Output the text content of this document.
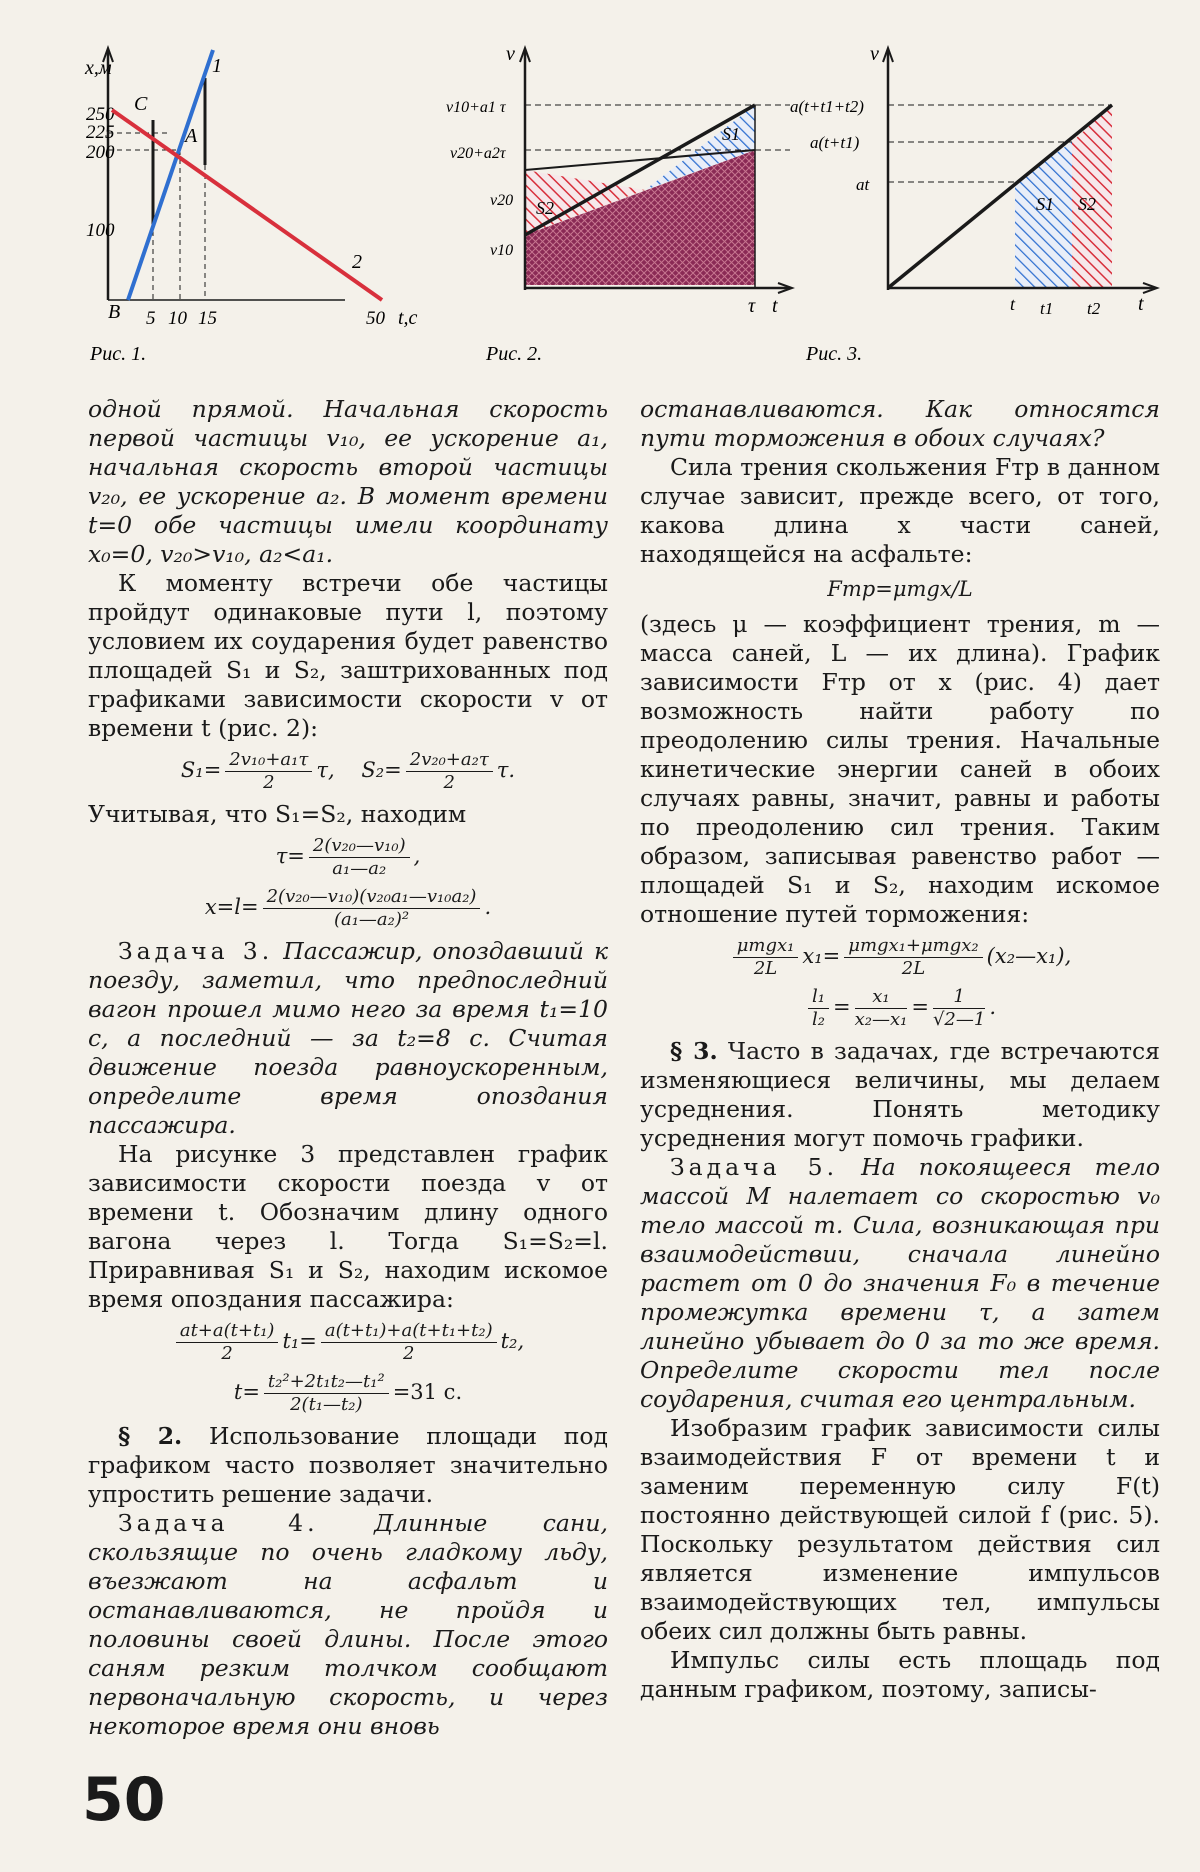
x,м	1
C
A
B
2
250
225
200
100
5 10 15	50 t,c
Рис. 1.
v
v10+a1 τ
v20+a2τ
v20
v10
S1
S2
τ t
Рис. 2.
v
a(t+t1+t2)
a(t+t1)
at
S1 S2
t t1 t2 t
Рис. 3.

одной прямой. Начальная скорость первой частицы v₁₀, ее ускорение a₁, начальная скорость второй частицы v₂₀, ее ускорение a₂. В момент времени t=0 обе частицы имели координату x₀=0, v₂₀>v₁₀, a₂<a₁.

К моменту встречи обе частицы пройдут одинаковые пути l, поэтому условием их соударения будет равенство площадей S₁ и S₂, заштрихованных под графиками зависимости скорости v от времени t (рис. 2):

$S_1= \frac{\text{2v₁₀+a₁τ}}{2} \tau$, $S_2= \frac{\text{2v₂₀+a₂τ}}{2} \tau$.

Учитывая, что S₁=S₂, находим

$\tau= \frac{\text{2(v₂₀—v₁₀)}}{\text{a₁—a₂}}$ ,
$x=l= \frac{\text{2(v₂₀—v₁₀)(v₂₀a₁—v₁₀a₂)}}{\text{(a₁—a₂)²}}$ .

Задача 3. Пассажир, опоздавший к поезду, заметил, что предпоследний вагон прошел мимо него за время t₁=10 с, а последний — за t₂=8 с. Считая движение поезда равноускоренным, определите время опоздания пассажира.

На рисунке 3 представлен график зависимости скорости поезда v от времени t. Обозначим длину одного вагона через l. Тогда S₁=S₂=l. Приравнивая S₁ и S₂, находим искомое время опоздания пассажира:

$\frac{\text{at+a(t+t₁)}}{2} t_1= \frac{\text{a(t+t₁)+a(t+t₁+t₂)}}{2} t_2$,
$t= \frac{\text{t₂²+2t₁t₂—t₁²}}{\text{2(t₁—t₂)}} =31$ с.

§ 2. Использование площади под графиком часто позволяет значительно упростить решение задачи.

Задача 4. Длинные сани, скользящие по очень гладкому льду, въезжают на асфальт и останавливаются, не пройдя и половины своей длины. После этого саням резким толчком сообщают первоначальную скорость, и через некоторое время они вновь

останавливаются. Как относятся пути торможения в обоих случаях?

Сила трения скольжения Fтр в данном случае зависит, прежде всего, от того, какова длина x части саней, находящейся на асфальте:

Fтр=μmgx/L

(здесь μ — коэффициент трения, m — масса саней, L — их длина). График зависимости Fтр от x (рис. 4) дает возможность найти работу по преодолению силы трения. Начальные кинетические энергии саней в обоих случаях равны, значит, равны и работы по преодолению сил трения. Таким образом, записывая равенство работ — площадей S₁ и S₂, находим искомое отношение путей торможения:

$\frac{\text{μmgx₁}}{2L} x_1= \frac{\text{μmgx₁+μmgx₂}}{2L}$ (x₂—x₁),
$\frac{\text{l₁}}{\text{l₂}} = \frac{\text{x₁}}{\text{x₂—x₁}} = \frac{1}{√2—1}$ .

§ 3. Часто в задачах, где встречаются изменяющиеся величины, мы делаем усреднения. Понять методику усреднения могут помочь графики.

Задача 5. На покоящееся тело массой M налетает со скоростью v₀ тело массой m. Сила, возникающая при взаимодействии, сначала линейно растет от 0 до значения F₀ в течение промежутка времени τ, а затем линейно убывает до 0 за то же время. Определите скорости тел после соударения, считая его центральным.

Изобразим график зависимости силы взаимодействия F от времени t и заменим переменную силу F(t) постоянно действующей силой f (рис. 5). Поскольку результатом действия сил является изменение импульсов взаимодействующих тел, импульсы обеих сил должны быть равны.

Импульс силы есть площадь под данным графиком, поэтому, записы-

50
